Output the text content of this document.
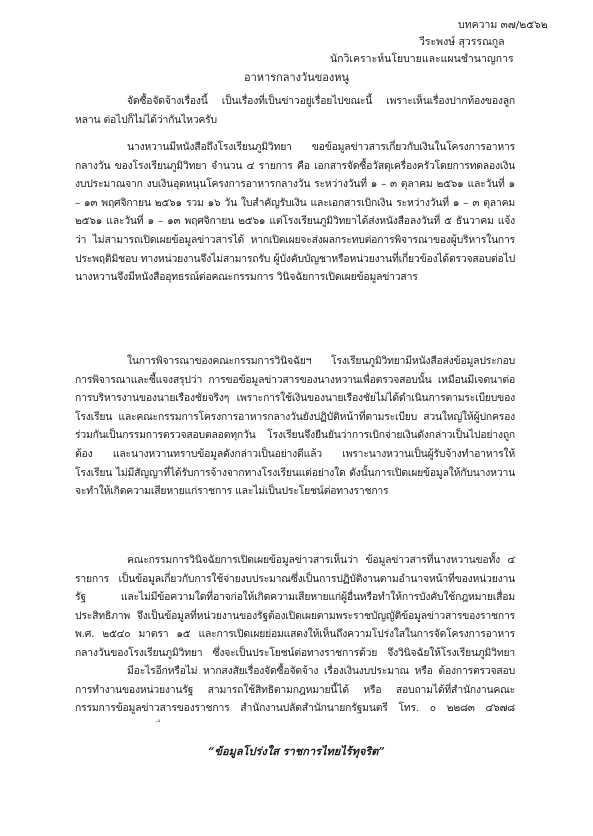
บทความ ๓๗/๒๕๖๒
วีระพงษ์ สุวรรณกูล
นักวิเคราะห์นโยบายและแผนชำนาญการ
อาหารกลางวันของหนู

จัดซื้อจัดจ้างเรื่องนี้ เป็นเรื่องที่เป็นข่าวอยู่เรื่อยไปขณะนี้ เพราะเห็นเรื่องปากท้องของลูกหลาน ต่อไปก็ไม่ได้ว่ากันไหวครับ

นางหวานมีหนังสือถึงโรงเรียนภูมิวิทยา ขอข้อมูลข่าวสารเกี่ยวกับเงินในโครงการอาหารกลางวัน ของโรงเรียนภูมิวิทยา จำนวน ๔ รายการ คือ เอกสารจัดซื้อวัสดุเครื่องครัวโดยการทดลองเงินงบประมาณจาก งบเงินอุดหนุนโครงการอาหารกลางวัน ระหว่างวันที่ ๑ – ๓ ตุลาคม ๒๕๖๑ และวันที่ ๑ – ๑๓ พฤศจิกายน ๒๕๖๑ รวม ๑๖ วัน ใบสำคัญรับเงิน และเอกสารเบิกเงิน ระหว่างวันที่ ๑ – ๓ ตุลาคม ๒๕๖๑ และวันที่ ๑ – ๑๓ พฤศจิกายน ๒๕๖๑ แต่โรงเรียนภูมิวิทยาได้ส่งหนังสือลงวันที่ ๕ ธันวาคม แจ้งว่า ไม่สามารถเปิดเผยข้อมูลข่าวสารได้ หากเปิดเผยจะส่งผลกระทบต่อการพิจารณาของผู้บริหารในการประพฤติมิชอบ ทางหน่วยงานจึงไม่สามารถรับ ผู้บังคับบัญชาหรือหน่วยงานที่เกี่ยวข้องได้ตรวจสอบต่อไป นางหวานจึงมีหนังสืออุทธรณ์ต่อคณะกรรมการ วินิจฉัยการเปิดเผยข้อมูลข่าวสาร

ในการพิจารณาของคณะกรรมการวินิจฉัยฯ โรงเรียนภูมิวิทยามีหนังสือส่งข้อมูลประกอบการพิจารณาและชี้แจงสรุปว่า การขอข้อมูลข่าวสารของนางหวานเพื่อตรวจสอบนั้น เหมือนมีเจตนาต่อการบริหารงานของนายเรืองชัยจริงๆ เพราะการใช้เงินของนายเรืองชัยไม่ได้ดำเนินการตามระเบียบของโรงเรียน และคณะกรรมการโครงการอาหารกลางวันยังปฏิบัติหน้าที่ตามระเบียบ สวนใหญ่ให้ผู้ปกครองร่วมกันเป็นกรรมการตรวจสอบตลอดทุกวัน โรงเรียนจึงยืนยันว่าการเบิกจ่ายเงินดังกล่าวเป็นไปอย่างถูกต้อง และนางหวานทราบข้อมูลดังกล่าวเป็นอย่างดีแล้ว เพราะนางหวานเป็นผู้รับจ้างทำอาหารให้โรงเรียน ไม่มีสัญญาที่ได้รับการจ้างจากทางโรงเรียนแต่อย่างใด ดังนั้นการเปิดเผยข้อมูลให้กับนางหวานจะทำให้เกิดความเสียหายแก่ราชการ และไม่เป็นประโยชน์ต่อทางราชการ

คณะกรรมการวินิจฉัยการเปิดเผยข้อมูลข่าวสารเห็นว่า ข้อมูลข่าวสารที่นางหวานขอทั้ง ๔ รายการ เป็นข้อมูลเกี่ยวกับการใช้จ่ายงบประมาณซึ่งเป็นการปฏิบัติงานตามอำนาจหน้าที่ของหน่วยงานรัฐ และไม่มีข้อความใดที่อาจก่อให้เกิดความเสียหายแก่ผู้อื่นหรือทำให้การบังคับใช้กฎหมายเสื่อมประสิทธิภาพ จึงเป็นข้อมูลที่หน่วยงานของรัฐต้องเปิดเผยตามพระราชบัญญัติข้อมูลข่าวสารของราชการ พ.ศ. ๒๕๔๐ มาตรา ๑๕ และการเปิดเผยย่อมแสดงให้เห็นถึงความโปร่งใสในการจัดโครงการอาหารกลางวันของโรงเรียนภูมิวิทยา ซึ่งจะเป็นประโยชน์ต่อทางราชการด้วย จึงวินิจฉัยให้โรงเรียนภูมิวิทยา

มีอะไรอีกหรือไม่ หากสงสัยเรื่องจัดซื้อจัดจ้าง เรื่องเงินงบประมาณ หรือ ต้องการตรวจสอบการทำงานของหน่วยงานรัฐ สามารถใช้สิทธิตามกฎหมายนี้ได้ หรือ สอบถามได้ที่สำนักงานคณะกรรมการข้อมูลข่าวสารของราชการ สำนักงานปลัดสำนักนายกรัฐมนตรี โทร. ๐ ๒๒๘๓ ๔๖๗๘

“ข้อมูลโปร่งใส ราชการไทยไร้ทุจริต”
